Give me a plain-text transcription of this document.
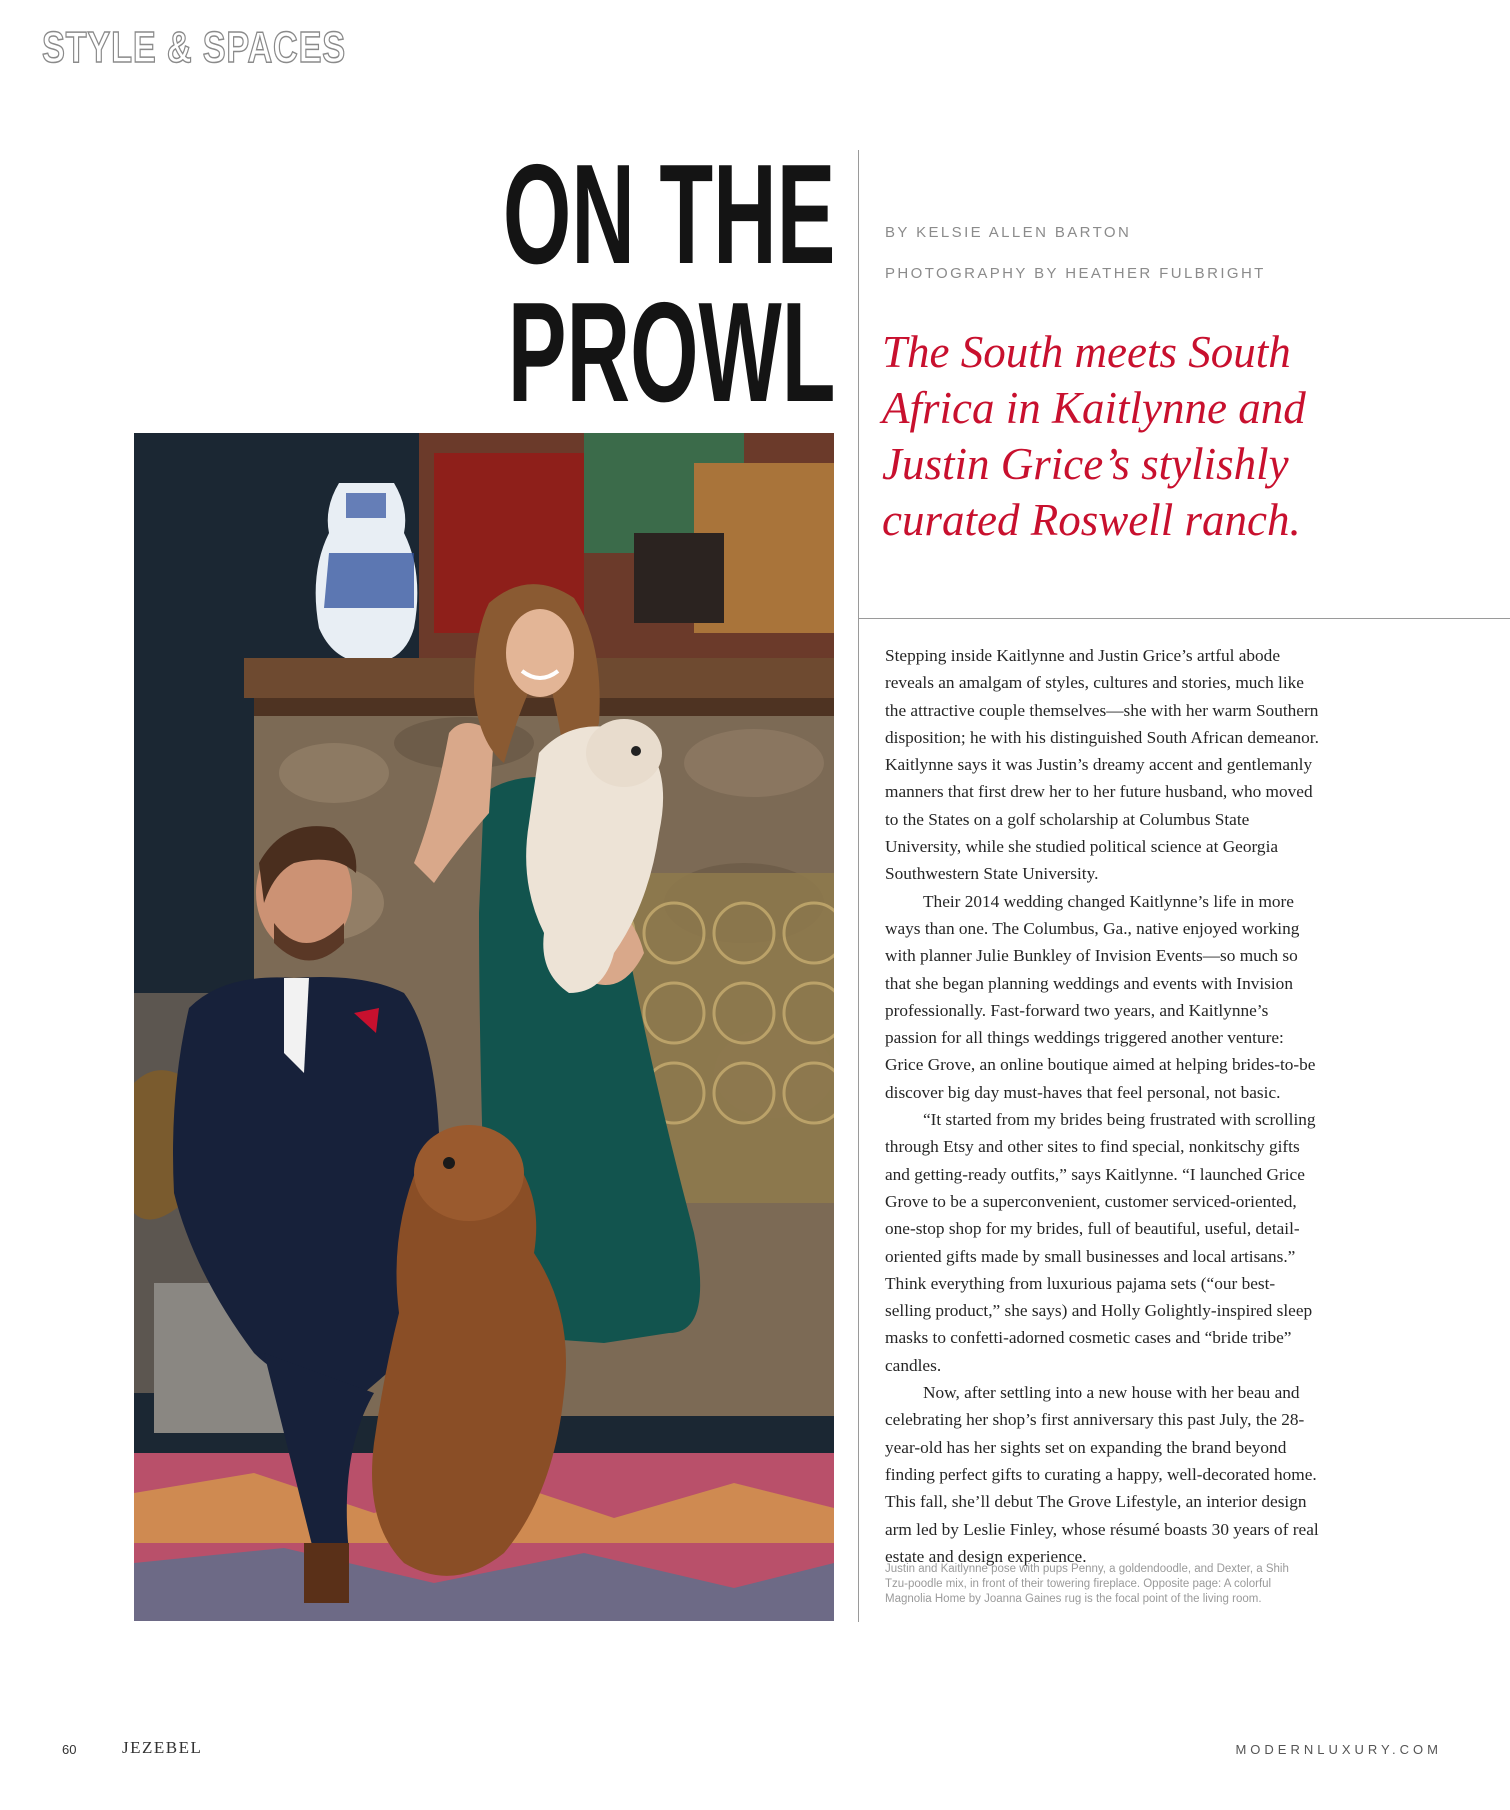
STYLE & SPACES
ON THE
PROWL
BY KELSIE ALLEN BARTON
PHOTOGRAPHY BY HEATHER FULBRIGHT
The South meets South Africa in Kaitlynne and Justin Grice’s stylishly curated Roswell ranch.

Stepping inside Kaitlynne and Justin Grice’s artful abode reveals an amalgam of styles, cultures and stories, much like the attractive couple themselves—she with her warm Southern disposition; he with his distinguished South African demeanor. Kaitlynne says it was Justin’s dreamy accent and gentlemanly manners that first drew her to her future husband, who moved to the States on a golf scholarship at Columbus State University, while she studied political science at Georgia Southwestern State University.

Their 2014 wedding changed Kaitlynne’s life in more ways than one. The Columbus, Ga., native enjoyed working with planner Julie Bunkley of Invision Events—so much so that she began planning weddings and events with Invision professionally. Fast-forward two years, and Kaitlynne’s passion for all things weddings triggered another venture: Grice Grove, an online boutique aimed at helping brides-to-be discover big day must-haves that feel personal, not basic.

“It started from my brides being frustrated with scrolling through Etsy and other sites to find special, nonkitschy gifts and getting-ready outfits,” says Kaitlynne. “I launched Grice Grove to be a superconvenient, customer serviced-oriented, one-stop shop for my brides, full of beautiful, useful, detail-oriented gifts made by small businesses and local artisans.” Think everything from luxurious pajama sets (“our best-selling product,” she says) and Holly Golightly-inspired sleep masks to confetti-adorned cosmetic cases and “bride tribe” candles.

Now, after settling into a new house with her beau and celebrating her shop’s first anniversary this past July, the 28-year-old has her sights set on expanding the brand beyond finding perfect gifts to curating a happy, well-decorated home. This fall, she’ll debut The Grove Lifestyle, an interior design arm led by Leslie Finley, whose résumé boasts 30 years of real estate and design experience.

Justin and Kaitlynne pose with pups Penny, a goldendoodle, and Dexter, a Shih Tzu-poodle mix, in front of their towering fireplace. Opposite page: A colorful Magnolia Home by Joanna Gaines rug is the focal point of the living room.
60	JEZEBEL	MODERNLUXURY.COM
